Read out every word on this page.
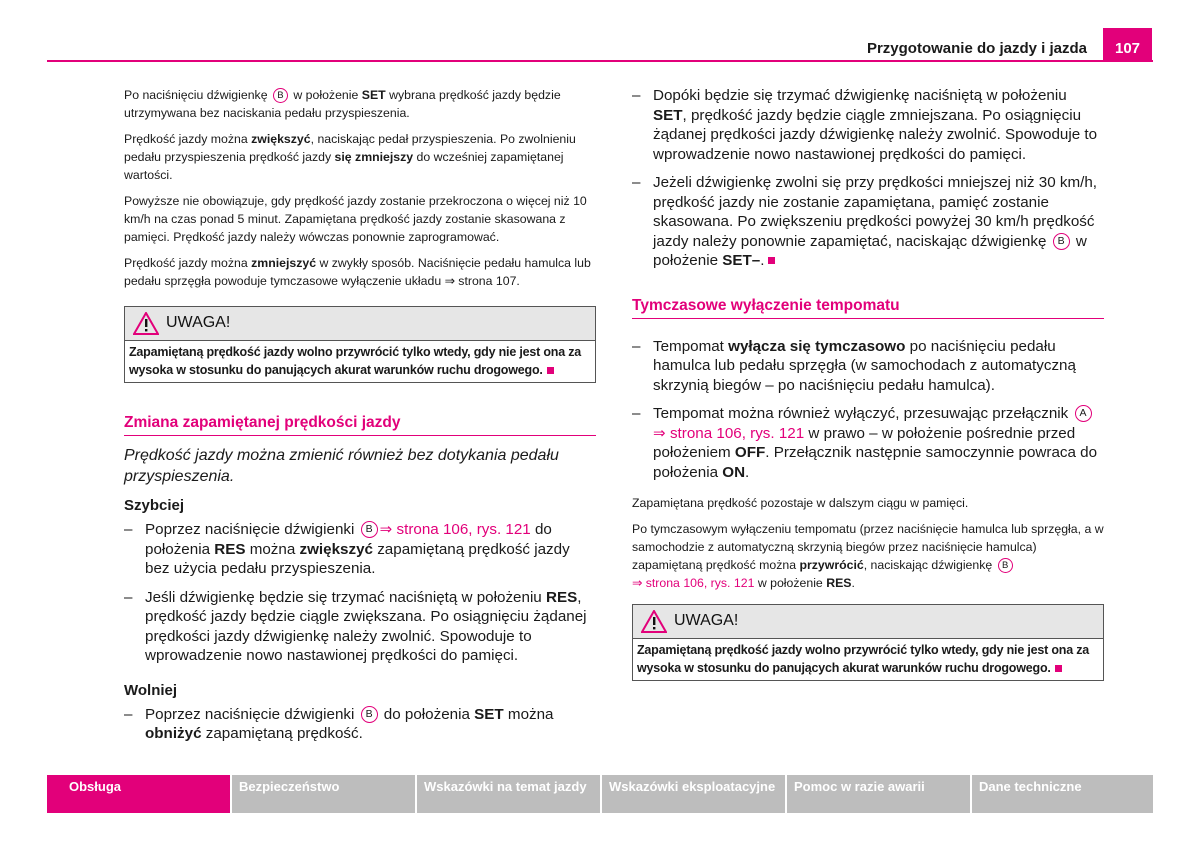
Przygotowanie do jazdy i jazda	107

Po naciśnięciu dźwigienkę B w położenie SET wybrana prędkość jazdy będzie utrzymywana bez naciskania pedału przyspieszenia.

Prędkość jazdy można zwiększyć, naciskając pedał przyspieszenia. Po zwolnieniu pedału przyspieszenia prędkość jazdy się zmniejszy do wcześniej zapamiętanej wartości.

Powyższe nie obowiązuje, gdy prędkość jazdy zostanie przekroczona o więcej niż 10 km/h na czas ponad 5 minut. Zapamiętana prędkość jazdy zostanie skasowana z pamięci. Prędkość jazdy należy wówczas ponownie zaprogramować.

Prędkość jazdy można zmniejszyć w zwykły sposób. Naciśnięcie pedału hamulca lub pedału sprzęgła powoduje tymczasowe wyłączenie układu ⇒ strona 107.

UWAGA!
Zapamiętaną prędkość jazdy wolno przywrócić tylko wtedy, gdy nie jest ona za wysoka w stosunku do panujących akurat warunków ruchu drogowego.
Zmiana zapamiętanej prędkości jazdy
Prędkość jazdy można zmienić również bez dotykania pedału przyspieszenia.
Szybciej
– Poprzez naciśnięcie dźwigienki B ⇒ strona 106, rys. 121 do położenia RES można zwiększyć zapamiętaną prędkość jazdy bez użycia pedału przyspieszenia.
– Jeśli dźwigienkę będzie się trzymać naciśniętą w położeniu RES, prędkość jazdy będzie ciągle zwiększana. Po osiągnięciu żądanej prędkości jazdy dźwigienkę należy zwolnić. Spowoduje to wprowadzenie nowo nastawionej prędkości do pamięci.
Wolniej
– Poprzez naciśnięcie dźwigienki B do położenia SET można obniżyć zapamiętaną prędkość.
– Dopóki będzie się trzymać dźwigienkę naciśniętą w położeniu SET, prędkość jazdy będzie ciągle zmniejszana. Po osiągnięciu żądanej prędkości jazdy dźwigienkę należy zwolnić. Spowoduje to wprowadzenie nowo nastawionej prędkości do pamięci.
– Jeżeli dźwigienkę zwolni się przy prędkości mniejszej niż 30 km/h, prędkość jazdy nie zostanie zapamiętana, pamięć zostanie skasowana. Po zwiększeniu prędkości powyżej 30 km/h prędkość jazdy należy ponownie zapamiętać, naciskając dźwigienkę B w położenie SET–.
Tymczasowe wyłączenie tempomatu
– Tempomat wyłącza się tymczasowo po naciśnięciu pedału hamulca lub pedału sprzęgła (w samochodach z automatyczną skrzynią biegów – po naciśnięciu pedału hamulca).
– Tempomat można również wyłączyć, przesuwając przełącznik A⇒ strona 106, rys. 121 w prawo – w położenie pośrednie przed położeniem OFF. Przełącznik następnie samoczynnie powraca do położenia ON.

Zapamiętana prędkość pozostaje w dalszym ciągu w pamięci.

Po tymczasowym wyłączeniu tempomatu (przez naciśnięcie hamulca lub sprzęgła, a w samochodzie z automatyczną skrzynią biegów przez naciśnięcie hamulca) zapamiętaną prędkość można przywrócić, naciskając dźwigienkę B
⇒ strona 106, rys. 121 w położenie RES.

UWAGA!
Zapamiętaną prędkość jazdy wolno przywrócić tylko wtedy, gdy nie jest ona za wysoka w stosunku do panujących akurat warunków ruchu drogowego.
Obsługa	Bezpieczeństwo	Wskazówki na temat jazdy Wskazówki eksploatacyjne Pomoc w razie awarii	Dane techniczne
